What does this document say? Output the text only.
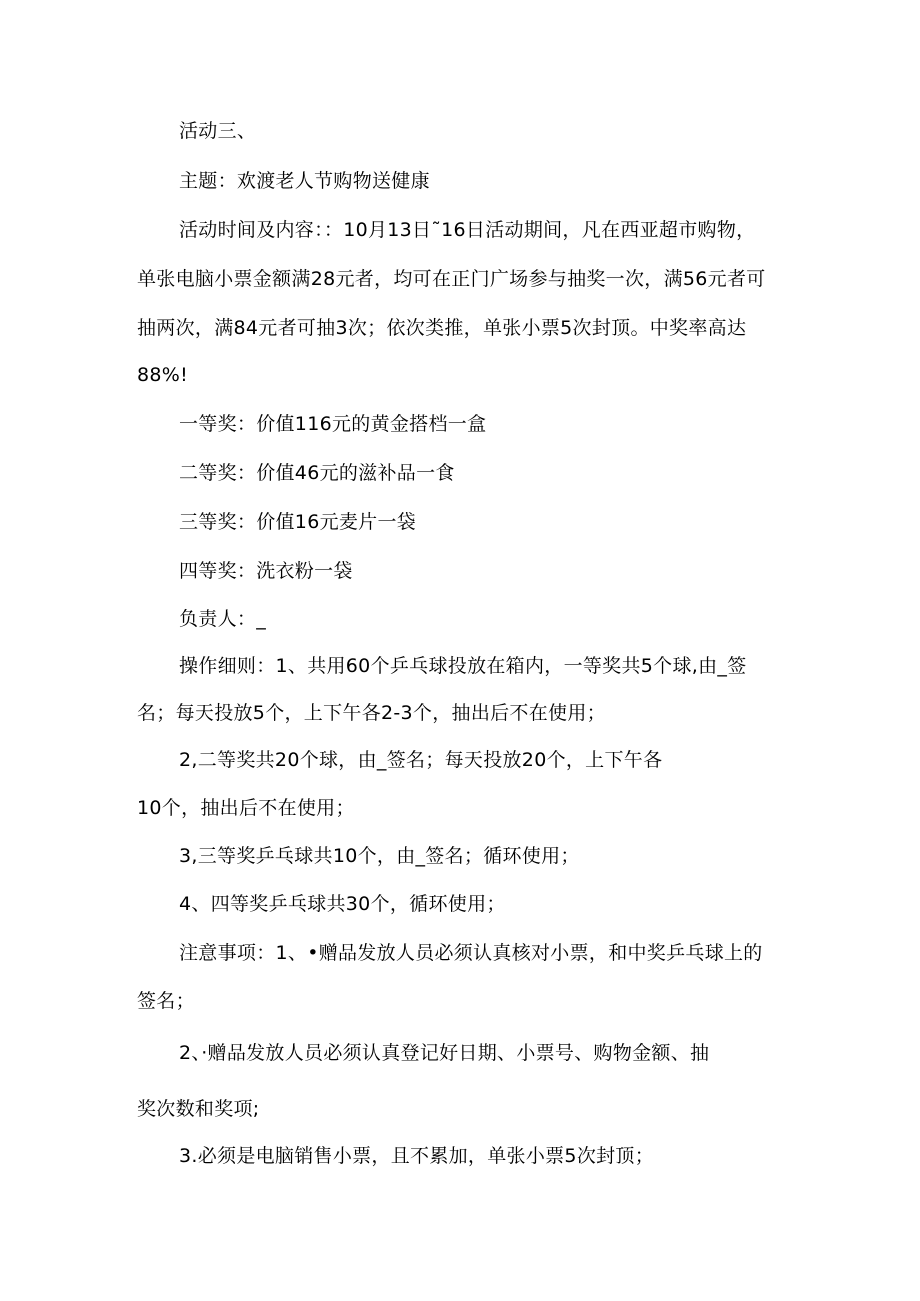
活动三、
主题：欢渡老人节购物送健康
活动时间及内容：：10月13日˜16日活动期间，凡在西亚超市购物，
单张电脑小票金额满28元者，均可在正门广场参与抽奖一次，满56元者可
抽两次，满84元者可抽3次；依次类推，单张小票5次封顶。中奖率高达
88%!
一等奖：价值116元的黄金搭档一盒
二等奖：价值46元的滋补品一食
三等奖：价值16元麦片一袋
四等奖：洗衣粉一袋
负责人：_
操作细则：1、共用60个乒乓球投放在箱内，一等奖共5个球,由_签
名；每天投放5个，上下午各2-3个，抽出后不在使用；
2,二等奖共20个球，由_签名；每天投放20个，上下午各
10个，抽出后不在使用；
3,三等奖乒乓球共10个，由_签名；循环使用；
4、四等奖乒乓球共30个，循环使用；
注意事项：1、•赠品发放人员必须认真核对小票，和中奖乒乓球上的
签名；
2、·赠品发放人员必须认真登记好日期、小票号、购物金额、抽
奖次数和奖项;
3.必须是电脑销售小票，且不累加，单张小票5次封顶；
